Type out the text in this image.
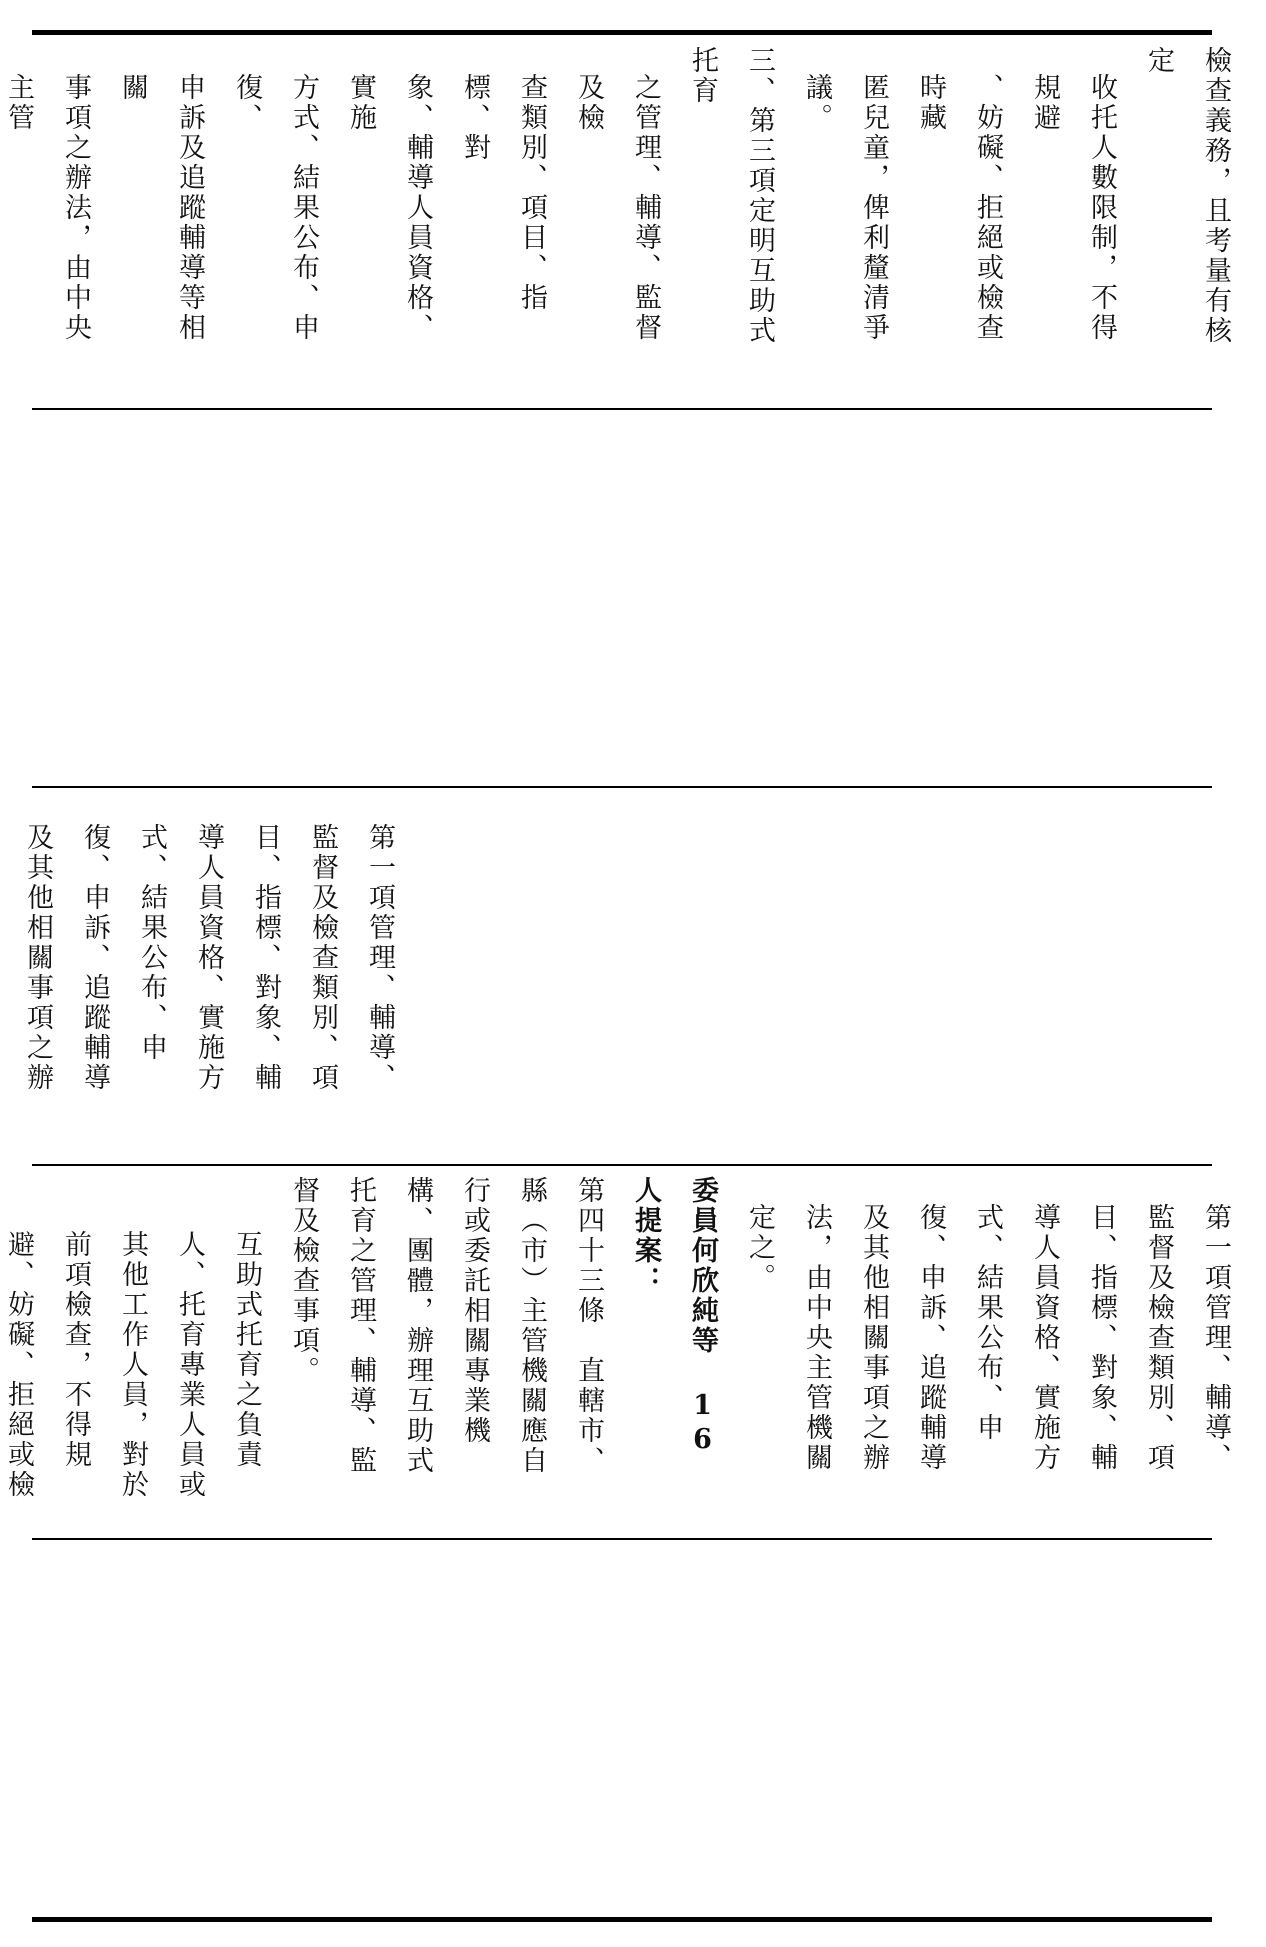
檢查義務，且考量有核定

收托人數限制，不得規避

、妨礙、拒絕或檢查時藏

匿兒童，俾利釐清爭議。

三、第三項定明互助式托育

之管理、輔導、監督及檢

查類別、項目、指標、對

象、輔導人員資格、實施

方式、結果公布、申復、

申訴及追蹤輔導等相關

事項之辦法，由中央主管

第一項管理、輔導、監督及檢查類別、項目、指標、對象、輔導人員資格、實施方式、結果公布、申復、申訴、追蹤輔導及其他相關事項之辦

第一項管理、輔導、監督及檢查類別、項目、指標、對象、輔導人員資格、實施方式、結果公布、申復、申訴、追蹤輔導及其他相關事項之辦法，由中央主管機關定之。

委員何欣純等 16 人提案：

第四十三條　直轄市、縣（市）主管機關應自行或委託相關專業機構、團體，辦理互助式托育之管理、輔導、監督及檢查事項。

互助式托育之負責人、托育專業人員或其他工作人員，對於前項檢查，不得規避、妨礙、拒絕或檢
